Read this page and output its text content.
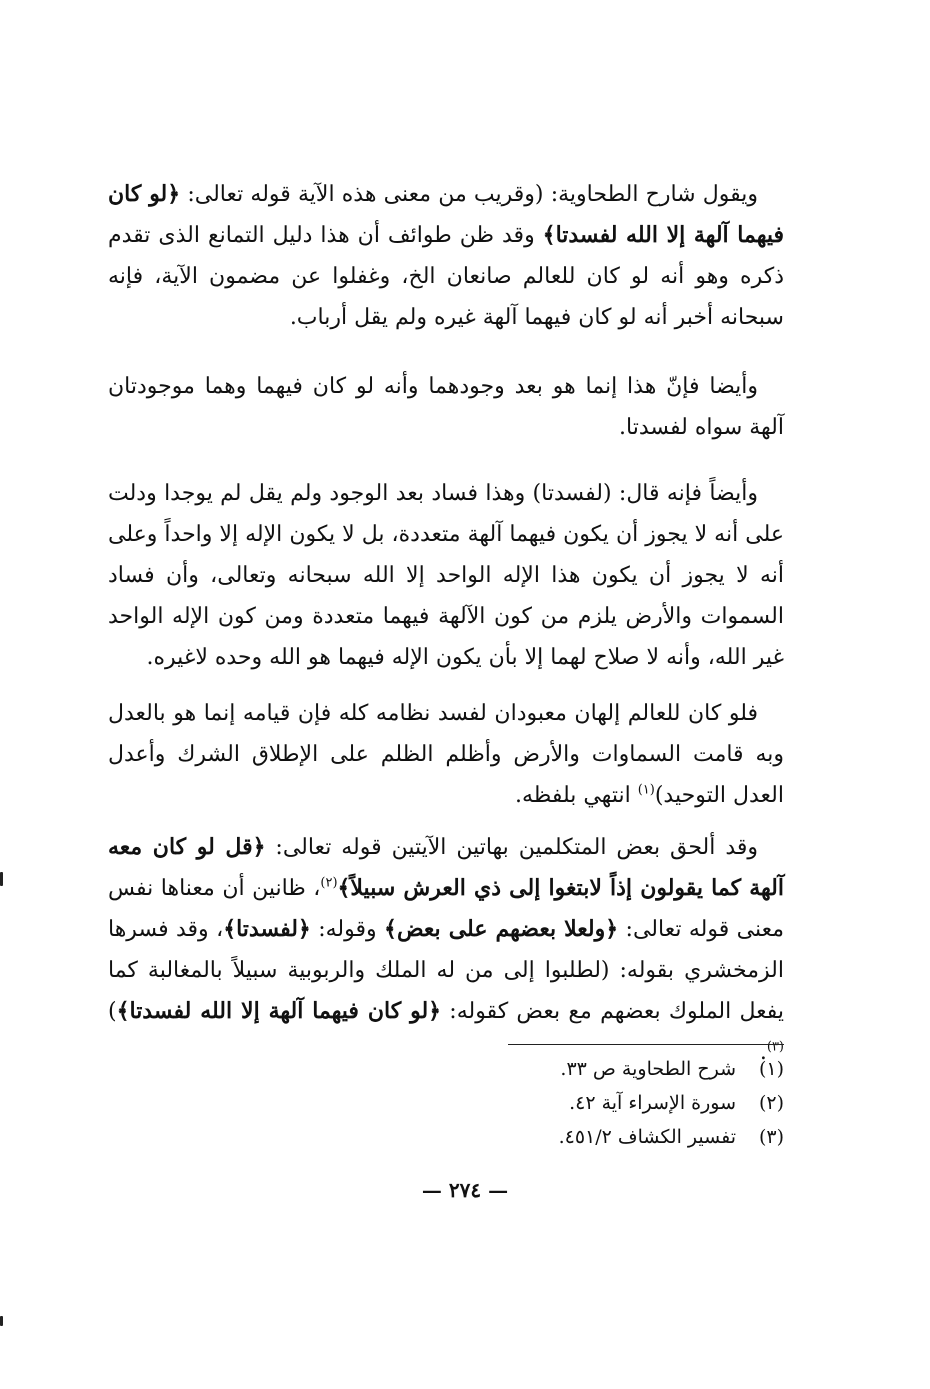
ويقول شارح الطحاوية: (وقريب من معنى هذه الآية قوله تعالى: ﴿لو كان فيهما آلهة إلا الله لفسدتا﴾ وقد ظن طوائف أن هذا دليل التمانع الذى تقدم ذكره وهو أنه لو كان للعالم صانعان الخ، وغفلوا عن مضمون الآية، فإنه سبحانه أخبر أنه لو كان فيهما آلهة غيره ولم يقل أرباب.

وأيضا فإنّ هذا إنما هو بعد وجودهما وأنه لو كان فيهما وهما موجودتان آلهة سواه لفسدتا.

وأيضاً فإنه قال: (لفسدتا) وهذا فساد بعد الوجود ولم يقل لم يوجدا ودلت على أنه لا يجوز أن يكون فيهما آلهة متعددة، بل لا يكون الإله إلا واحداً وعلى أنه لا يجوز أن يكون هذا الإله الواحد إلا الله سبحانه وتعالى، وأن فساد السموات والأرض يلزم من كون الآلهة فيهما متعددة ومن كون الإله الواحد غير الله، وأنه لا صلاح لهما إلا بأن يكون الإله فيهما هو الله وحده لاغيره.

فلو كان للعالم إلهان معبودان لفسد نظامه كله فإن قيامه إنما هو بالعدل وبه قامت السماوات والأرض وأظلم الظلم على الإطلاق الشرك وأعدل العدل التوحيد)$^{(١)}$ انتهي بلفظه.

وقد ألحق بعض المتكلمين بهاتين الآيتين قوله تعالى: ﴿قل لو كان معه آلهة كما يقولون إذاً لابتغوا إلى ذي العرش سبيلاً﴾$^{(٢)}$، ظانين أن معناها نفس معنى قوله تعالى: ﴿ولعلا بعضهم على بعض﴾ وقوله: ﴿لفسدتا﴾، وقد فسرها الزمخشري بقوله: (لطلبوا إلى من له الملك والربوبية سبيلاً بالمغالبة كما يفعل الملوك بعضهم مع بعض كقوله: ﴿لو كان فيهما آلهة إلا الله لفسدتا﴾)$^{(٣)}$.

(١)
شرح الطحاوية ص ٣٣.
(٢)
سورة الإسراء آية ٤٢.
(٣)
تفسير الكشاف ٤٥١/٢.
— ٢٧٤ —
